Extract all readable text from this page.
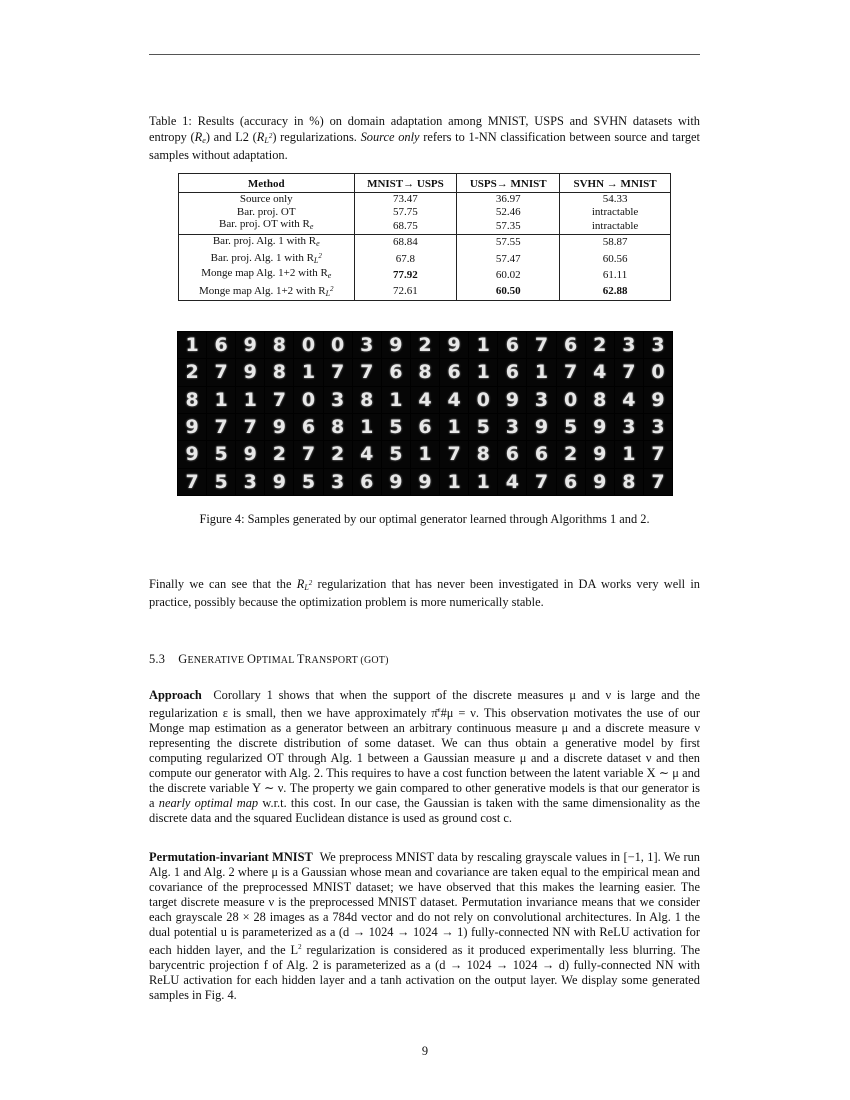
Table 1: Results (accuracy in %) on domain adaptation among MNIST, USPS and SVHN datasets with entropy $(R_e)$ and L2 $(R_{L2})$ regularizations. Source only refers to 1-NN classification between source and target samples without adaptation.
Method	MNIST→ USPS	USPS→ MNIST	SVHN → MNIST
Source only	73.47	36.97	54.33
Bar. proj. OT	57.75	52.46	intractable
Bar. proj. OT with $R_e$	68.75	57.35	intractable
Bar. proj. Alg. 1 with $R_e$	68.84	57.55	58.87
Bar. proj. Alg. 1 with $R_{L2}$	67.8	57.47	60.56
Monge map Alg. 1+2 with $R_e$	77.92	60.02	61.11
Monge map Alg. 1+2 with $R_{L2}$	72.61	60.50	62.88
1 6 9 8 0 0 3 9 2 9 1 6 7 6 2 3 3
2 7 9 8 1 7 7 6 8 6 1 6 1 7 4 7 0
8 1 1 7 0 3 8 1 4 4 0 9 3 0 8 4 9
9 7 7 9 6 8 1 5 6 1 5 3 9 5 9 3 3
9 5 9 2 7 2 4 5 1 7 8 6 6 2 9 1 7
7 5 3 9 5 3 6 9 9 1 1 4 7 6 9 8 7
Figure 4: Samples generated by our optimal generator learned through Algorithms 1 and 2.
Finally we can see that the $R_{L2}$ regularization that has never been investigated in DA works very well in practice, possibly because the optimization problem is more numerically stable.
5.3 GENERATIVE OPTIMAL TRANSPORT (GOT)
Approach Corollary 1 shows that when the support of the discrete measures μ and ν is large and the regularization ε is small, then we have approximately π̄$^\varepsilon$#μ = ν. This observation motivates the use of our Monge map estimation as a generator between an arbitrary continuous measure μ and a discrete measure ν representing the discrete distribution of some dataset. We can thus obtain a generative model by first computing regularized OT through Alg. 1 between a Gaussian measure μ and a discrete dataset ν and then compute our generator with Alg. 2. This requires to have a cost function between the latent variable X ∼ μ and the discrete variable Y ∼ ν. The property we gain compared to other generative models is that our generator is a nearly optimal map w.r.t. this cost. In our case, the Gaussian is taken with the same dimensionality as the discrete data and the squared Euclidean distance is used as ground cost c.
Permutation-invariant MNIST We preprocess MNIST data by rescaling grayscale values in [−1, 1]. We run Alg. 1 and Alg. 2 where μ is a Gaussian whose mean and covariance are taken equal to the empirical mean and covariance of the preprocessed MNIST dataset; we have observed that this makes the learning easier. The target discrete measure ν is the preprocessed MNIST dataset. Permutation invariance means that we consider each grayscale 28 × 28 images as a 784d vector and do not rely on convolutional architectures. In Alg. 1 the dual potential u is parameterized as a (d → 1024 → 1024 → 1) fully-connected NN with ReLU activation for each hidden layer, and the $L^2$ regularization is considered as it produced experimentally less blurring. The barycentric projection f of Alg. 2 is parameterized as a (d → 1024 → 1024 → d) fully-connected NN with ReLU activation for each hidden layer and a tanh activation on the output layer. We display some generated samples in Fig. 4.
9
